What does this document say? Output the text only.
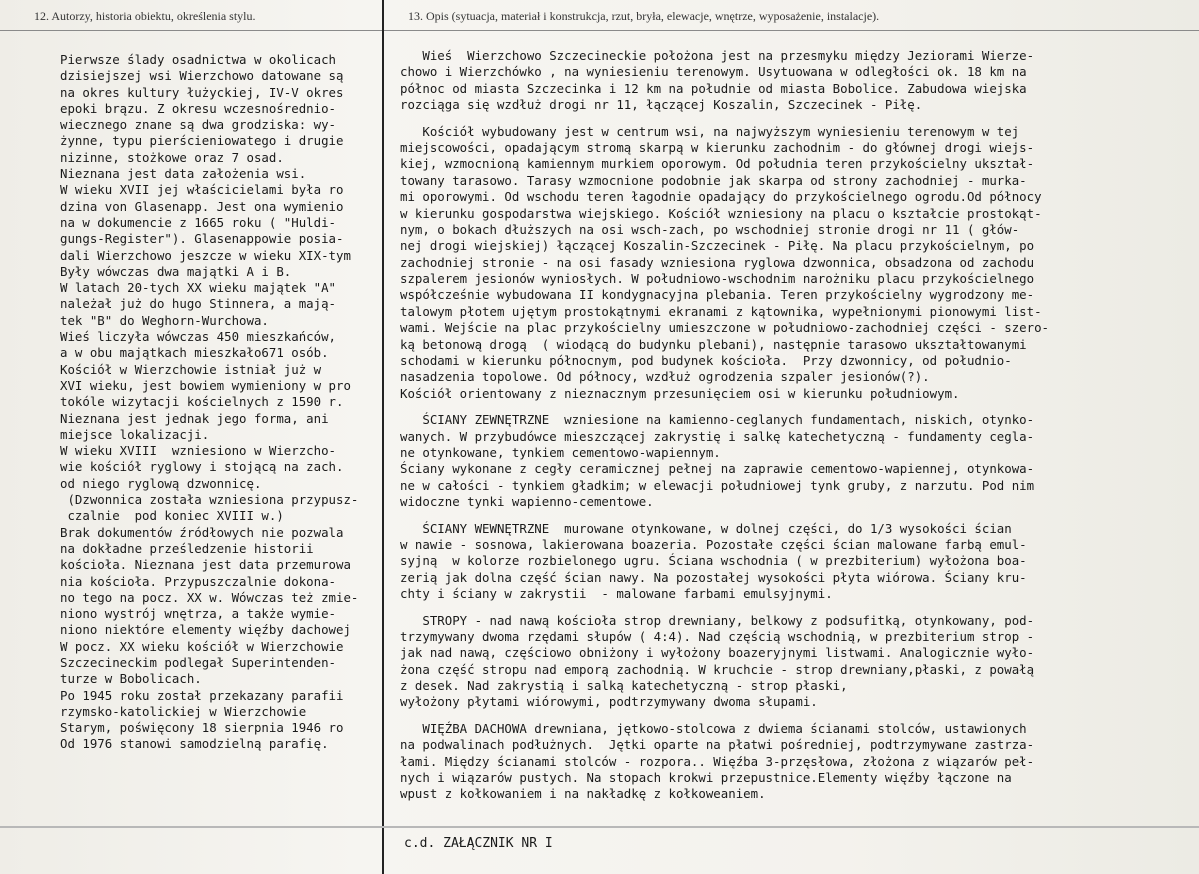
12. Autorzy, historia obiektu, określenia stylu.	13. Opis (sytuacja, materiał i konstrukcja, rzut, bryła, elewacje, wnętrze, wyposażenie, instalacje).
Pierwsze ślady osadnictwa w okolicach
dzisiejszej wsi Wierzchowo datowane są
na okres kultury łużyckiej, IV-V okres
epoki brązu. Z okresu wczesnośrednio-
wiecznego znane są dwa grodziska: wy-
żynne, typu pierścieniowatego i drugie
nizinne, stożkowe oraz 7 osad.
Nieznana jest data założenia wsi.
W wieku XVII jej właścicielami była ro
dzina von Glasenapp. Jest ona wymienio
na w dokumencie z 1665 roku ( "Huldi-
gungs-Register"). Glasenappowie posia-
dali Wierzchowo jeszcze w wieku XIX-tym
Były wówczas dwa majątki A i B.
W latach 20-tych XX wieku majątek "A"
należał już do hugo Stinnera, a mają-
tek "B" do Weghorn-Wurchowa.
Wieś liczyła wówczas 450 mieszkańców,
a w obu majątkach mieszkało671 osób.
Kościół w Wierzchowie istniał już w
XVI wieku, jest bowiem wymieniony w pro
tokóle wizytacji kościelnych z 1590 r.
Nieznana jest jednak jego forma, ani
miejsce lokalizacji.
W wieku XVIII  wzniesiono w Wierzcho-
wie kościół ryglowy i stojącą na zach.
od niego ryglową dzwonnicę.
(Dzwonnica została wzniesiona przypusz-
czalnie  pod koniec XVIII w.)
Brak dokumentów źródłowych nie pozwala
na dokładne prześledzenie historii
kościoła. Nieznana jest data przemurowa
nia kościoła. Przypuszczalnie dokona-
no tego na pocz. XX w. Wówczas też zmie-
niono wystrój wnętrza, a także wymie-
niono niektóre elementy więźby dachowej
W pocz. XX wieku kościół w Wierzchowie
Szczecineckim podlegał Superintenden-
turze w Bobolicach.
Po 1945 roku został przekazany parafii
rzymsko-katolickiej w Wierzchowie
Starym, poświęcony 18 sierpnia 1946 ro
Od 1976 stanowi samodzielną parafię.
Wieś  Wierzchowo Szczecineckie położona jest na przesmyku między Jeziorami Wierze-
chowo i Wierzchówko , na wyniesieniu terenowym. Usytuowana w odległości ok. 18 km na
północ od miasta Szczecinka i 12 km na południe od miasta Bobolice. Zabudowa wiejska
rozciąga się wzdłuż drogi nr 11, łączącej Koszalin, Szczecinek - Piłę.
Kościół wybudowany jest w centrum wsi, na najwyższym wyniesieniu terenowym w tej
miejscowości, opadającym stromą skarpą w kierunku zachodnim - do głównej drogi wiejs-
kiej, wzmocnioną kamiennym murkiem oporowym. Od południa teren przykościelny ukształ-
towany tarasowo. Tarasy wzmocnione podobnie jak skarpa od strony zachodniej - murka-
mi oporowymi. Od wschodu teren łagodnie opadający do przykościelnego ogrodu.Od północy
w kierunku gospodarstwa wiejskiego. Kościół wzniesiony na placu o kształcie prostokąt-
nym, o bokach dłuższych na osi wsch-zach, po wschodniej stronie drogi nr 11 ( głów-
nej drogi wiejskiej) łączącej Koszalin-Szczecinek - Piłę. Na placu przykościelnym, po
zachodniej stronie - na osi fasady wzniesiona ryglowa dzwonnica, obsadzona od zachodu
szpalerem jesionów wyniosłych. W południowo-wschodnim narożniku placu przykościelnego
współcześnie wybudowana II kondygnacyjna plebania. Teren przykościelny wygrodzony me-
talowym płotem ujętym prostokątnymi ekranami z kątownika, wypełnionymi pionowymi list-
wami. Wejście na plac przykościelny umieszczone w południowo-zachodniej części - szero-
ką betonową drogą  ( wiodącą do budynku plebani), następnie tarasowo ukształtowanymi
schodami w kierunku północnym, pod budynek kościoła.  Przy dzwonnicy, od południo-
nasadzenia topolowe. Od północy, wzdłuż ogrodzenia szpaler jesionów(?).
Kościół orientowany z nieznacznym przesunięciem osi w kierunku południowym.
ŚCIANY ZEWNĘTRZNE  wzniesione na kamienno-ceglanych fundamentach, niskich, otynko-
wanych. W przybudówce mieszczącej zakrystię i salkę katechetyczną - fundamenty cegla-
ne otynkowane, tynkiem cementowo-wapiennym.
Ściany wykonane z cegły ceramicznej pełnej na zaprawie cementowo-wapiennej, otynkowa-
ne w całości - tynkiem gładkim; w elewacji południowej tynk gruby, z narzutu. Pod nim
widoczne tynki wapienno-cementowe.
ŚCIANY WEWNĘTRZNE  murowane otynkowane, w dolnej części, do 1/3 wysokości ścian
w nawie - sosnowa, lakierowana boazeria. Pozostałe części ścian malowane farbą emul-
syjną  w kolorze rozbielonego ugru. Ściana wschodnia ( w prezbiterium) wyłożona boa-
zerią jak dolna część ścian nawy. Na pozostałej wysokości płyta wiórowa. Ściany kru-
chty i ściany w zakrystii  - malowane farbami emulsyjnymi.
STROPY - nad nawą kościoła strop drewniany, belkowy z podsufitką, otynkowany, pod-
trzymywany dwoma rzędami słupów ( 4:4). Nad częścią wschodnią, w prezbiterium strop -
jak nad nawą, częściowo obniżony i wyłożony boazeryjnymi listwami. Analogicznie wyło-
żona część stropu nad emporą zachodnią. W kruchcie - strop drewniany,płaski, z powałą
z desek. Nad zakrystią i salką katechetyczną - strop płaski,
wyłożony płytami wiórowymi, podtrzymywany dwoma słupami.
WIĘŹBA DACHOWA drewniana, jętkowo-stolcowa z dwiema ścianami stolców, ustawionych
na podwalinach podłużnych.  Jętki oparte na płatwi pośredniej, podtrzymywane zastrza-
łami. Między ścianami stolców - rozpora.. Więźba 3-przęsłowa, złożona z wiązarów peł-
nych i wiązarów pustych. Na stopach krokwi przepustnice.Elementy więźby łączone na
wpust z kołkowaniem i na nakładkę z kołkoweaniem.
c.d. ZAŁĄCZNIK NR I
